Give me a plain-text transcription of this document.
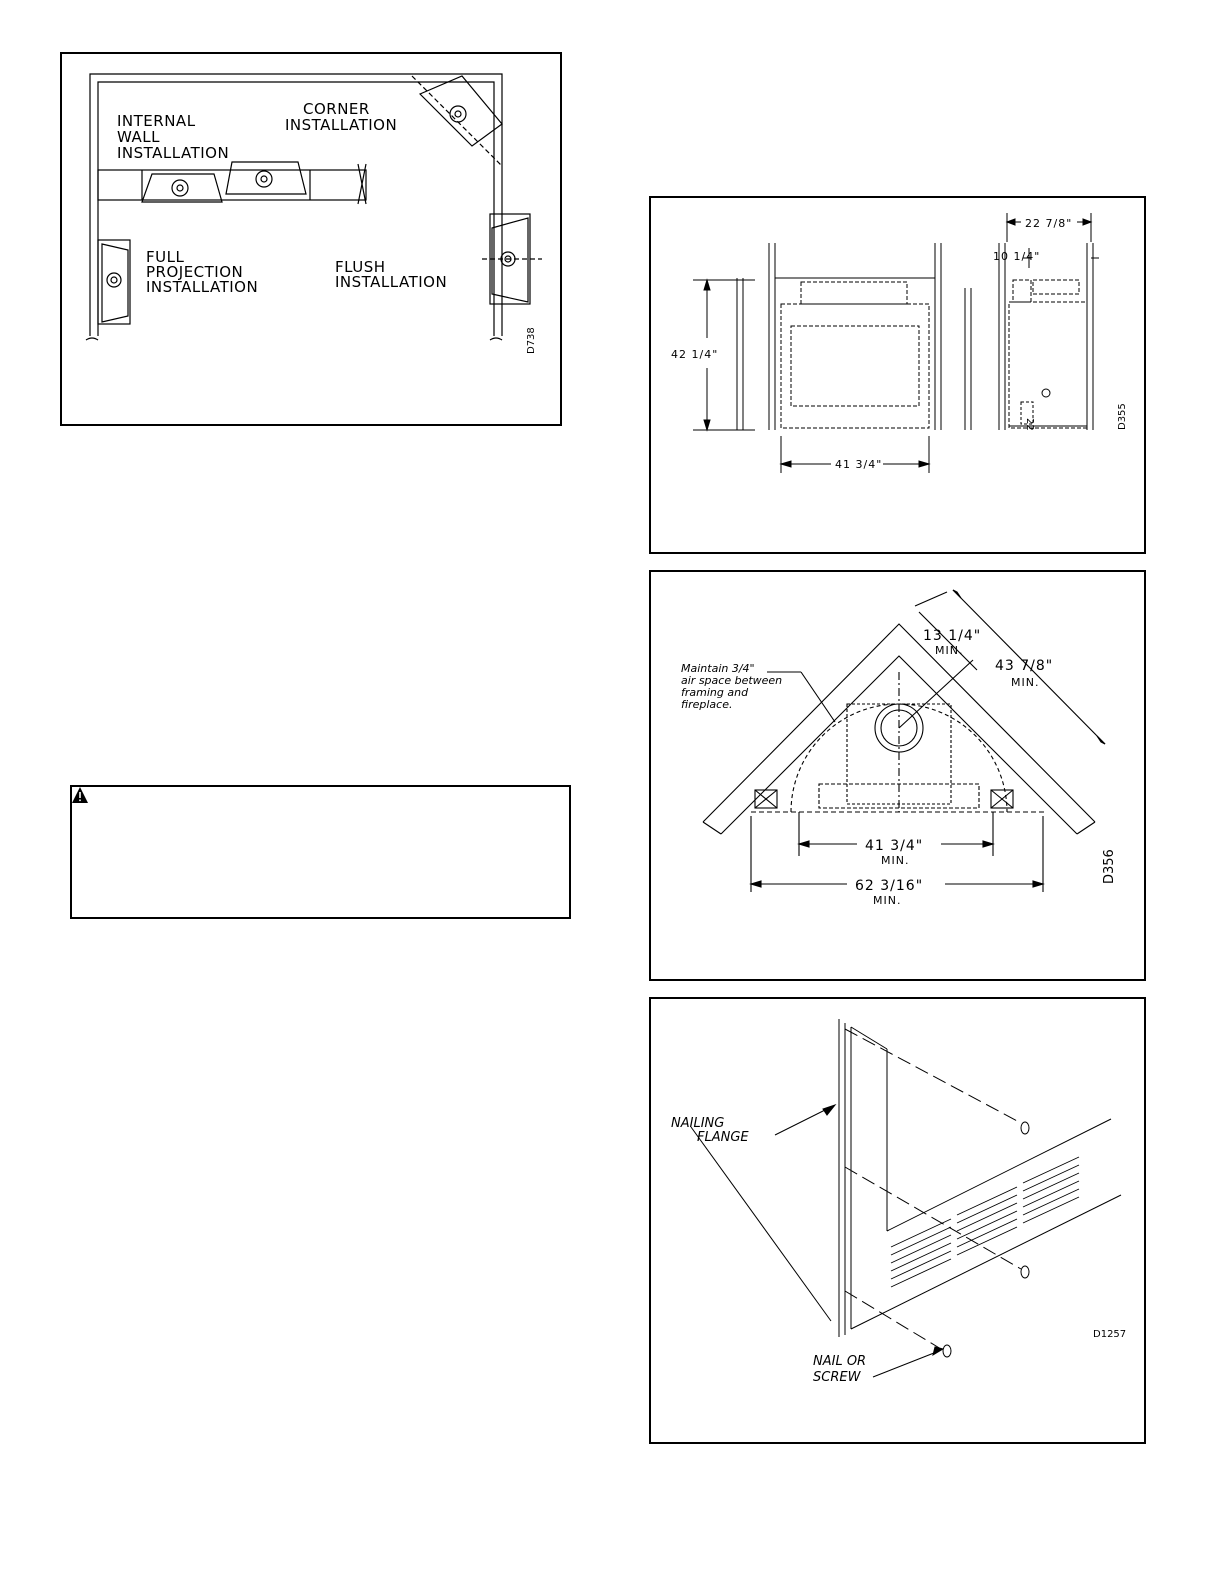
INTERNAL
WALL
INSTALLATION
CORNER
INSTALLATION
FULL
PROJECTION
INSTALLATION
FLUSH
INSTALLATION
D738
42 1/4"
41 3/4"
22 7/8"
10 1/4"
22	D355
Maintain 3/4"
air space between
framing and
fireplace.
13 1/4"
MIN.
43 7/8"
MIN.
41 3/4"
MIN.
62 3/16"
MIN.
D356
NAILING
FLANGE
NAIL OR
SCREW
D1257
